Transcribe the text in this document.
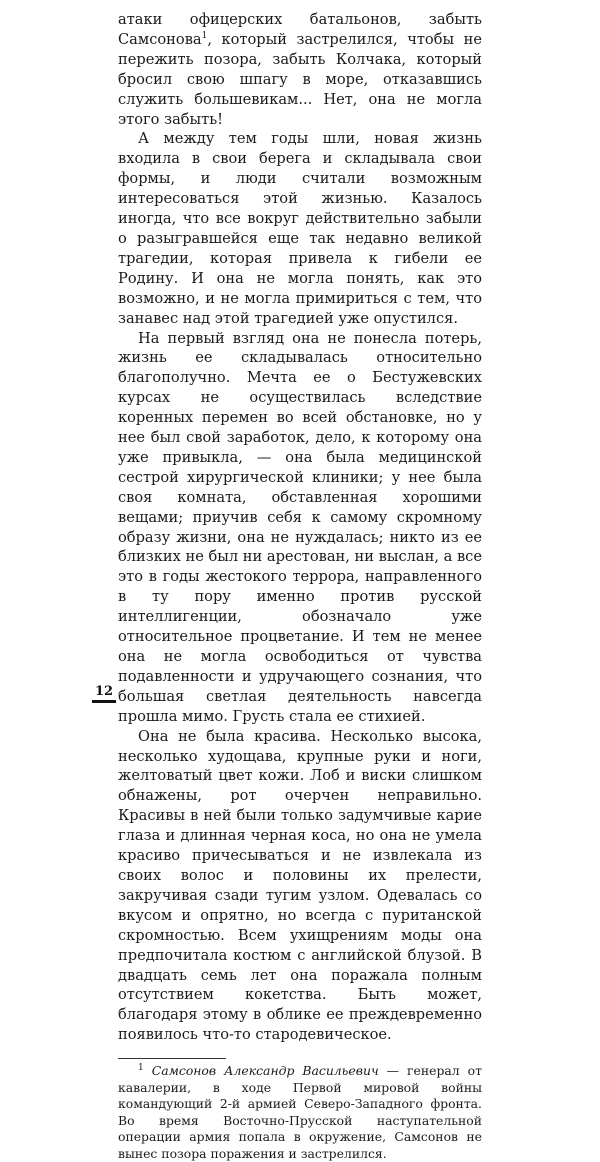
атаки офицерских батальонов, забыть Самсонова$^1$, который застрелился, чтобы не пережить позора, забыть Колчака, который бросил свою шпагу в море, отказавшись служить большевикам... Нет, она не могла этого забыть!

А между тем годы шли, новая жизнь входила в свои берега и складывала свои формы, и люди считали возможным интересоваться этой жизнью. Казалось иногда, что все вокруг действительно забыли о разыгравшейся еще так недавно великой трагедии, которая привела к гибели ее Родину. И она не могла понять, как это возможно, и не могла примириться с тем, что занавес над этой трагедией уже опустился.

На первый взгляд она не понесла потерь, жизнь ее складывалась относительно благополучно. Мечта ее о Бестужевских курсах не осуществилась вследствие коренных перемен во всей обстановке, но у нее был свой заработок, дело, к которому она уже привыкла, — она была медицинской сестрой хирургической клиники; у нее была своя комната, обставленная хорошими вещами; приучив себя к самому скромному образу жизни, она не нуждалась; никто из ее близких не был ни арестован, ни выслан, а все это в годы жестокого террора, направленного в ту пору именно против русской интеллигенции, обозначало уже относительное процветание. И тем не менее она не могла освободиться от чувства подавленности и удручающего сознания, что большая светлая деятельность навсегда прошла мимо. Грусть стала ее стихией.

Она не была красива. Несколько высока, несколько худощава, крупные руки и ноги, желтоватый цвет кожи. Лоб и виски слишком обнажены, рот очерчен неправильно. Красивы в ней были только задумчивые карие глаза и длинная черная коса, но она не умела красиво причесываться и не извлекала из своих волос и половины их прелести, закручивая сзади тугим узлом. Одевалась со вкусом и опрятно, но всегда с пуританской скромностью. Всем ухищрениям моды она предпочитала костюм с английской блузой. В двадцать семь лет она поражала полным отсутствием кокетства. Быть может, благодаря этому в облике ее преждевременно появилось что-то стародевическое.

$^1$ Самсонов Александр Васильевич — генерал от кавалерии, в ходе Первой мировой войны командующий 2-й армией Северо-Западного фронта. Во время Восточно-Прусской наступательной операции армия попала в окружение, Самсонов не вынес позора поражения и застрелился.

12
